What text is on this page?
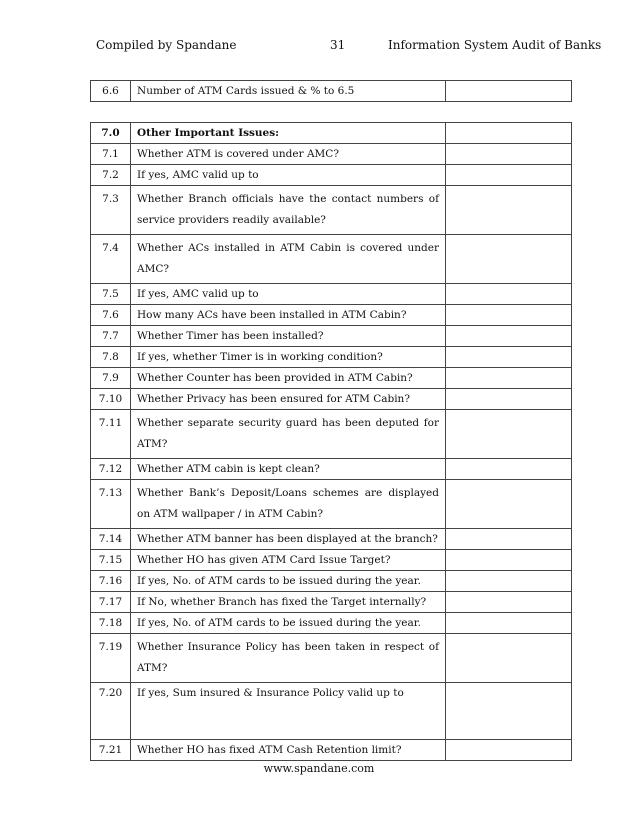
Compiled by Spandane	31	Information System Audit of Banks
6.6	Number of ATM Cards issued & % to 6.5	
7.0	Other Important Issues:	
7.1	Whether ATM is covered under AMC?	
7.2	If yes, AMC valid up to	
7.3	Whether Branch officials have the contact numbers of service providers readily available?	
7.4	Whether ACs installed in ATM Cabin is covered under AMC?	
7.5	If yes, AMC valid up to	
7.6	How many ACs have been installed in ATM Cabin?	
7.7	Whether Timer has been installed?	
7.8	If yes, whether Timer is in working condition?	
7.9	Whether Counter has been provided in ATM Cabin?	
7.10	Whether Privacy has been ensured for ATM Cabin?	
7.11	Whether separate security guard has been deputed for ATM?	
7.12	Whether ATM cabin is kept clean?	
7.13	Whether Bank’s Deposit/Loans schemes are displayed on ATM wallpaper / in ATM Cabin?	
7.14	Whether ATM banner has been displayed at the branch?	
7.15	Whether HO has given ATM Card Issue Target?	
7.16	If yes, No. of ATM cards to be issued during the year.	
7.17	If No, whether Branch has fixed the Target internally?	
7.18	If yes, No. of ATM cards to be issued during the year.	
7.19	Whether Insurance Policy has been taken in respect of ATM?	
7.20	If yes, Sum insured & Insurance Policy valid up to	
7.21	Whether HO has fixed ATM Cash Retention limit?	
www.spandane.com
